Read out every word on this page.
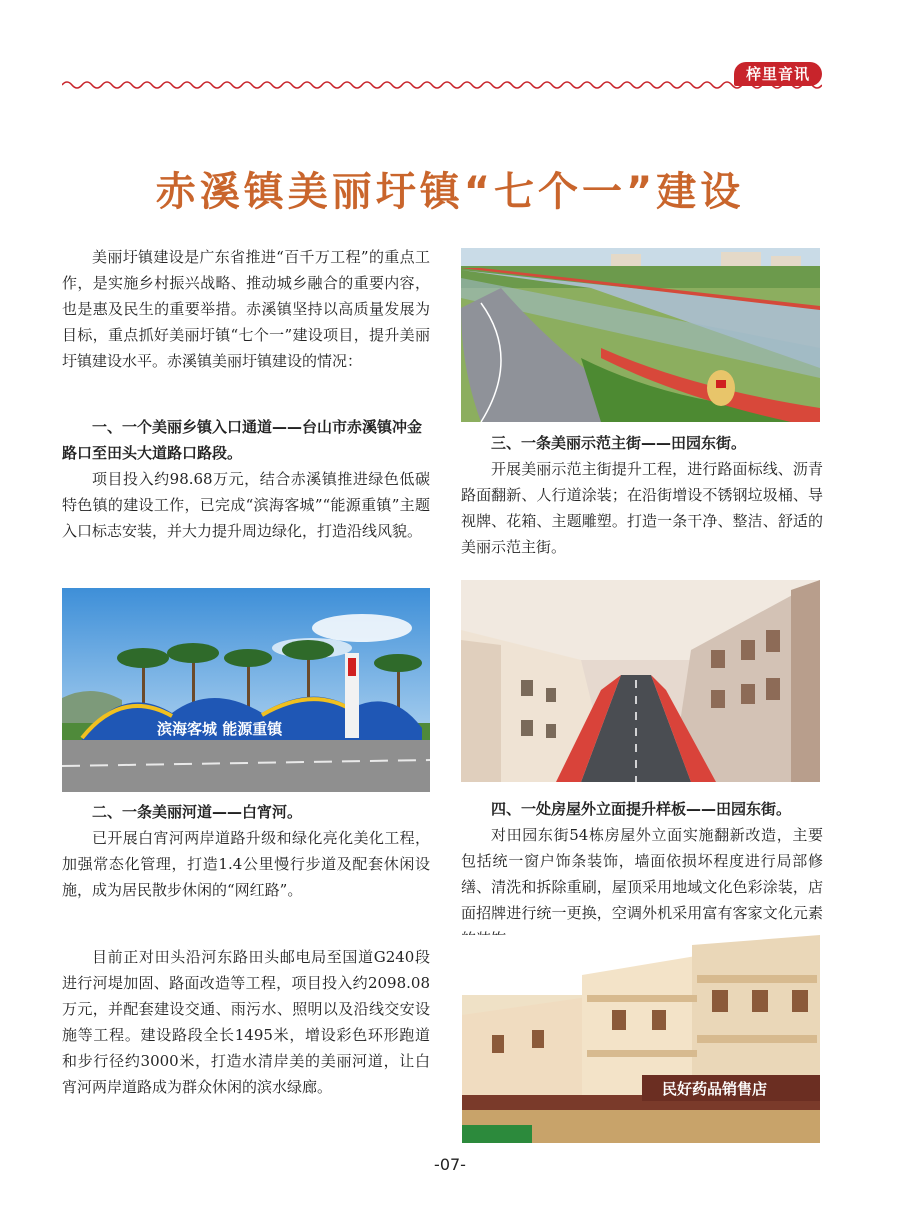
梓里音讯
赤溪镇美丽圩镇“七个一”建设

美丽圩镇建设是广东省推进“百千万工程”的重点工作，是实施乡村振兴战略、推动城乡融合的重要内容，也是惠及民生的重要举措。赤溪镇坚持以高质量发展为目标，重点抓好美丽圩镇“七个一”建设项目，提升美丽圩镇建设水平。赤溪镇美丽圩镇建设的情况：

一、一个美丽乡镇入口通道——台山市赤溪镇冲金路口至田头大道路口路段。

项目投入约98.68万元，结合赤溪镇推进绿色低碳特色镇的建设工作，已完成“滨海客城”“能源重镇”主题入口标志安装，并大力提升周边绿化，打造沿线风貌。

滨海客城 能源重镇

二、一条美丽河道——白宵河。

已开展白宵河两岸道路升级和绿化亮化美化工程，加强常态化管理，打造1.4公里慢行步道及配套休闲设施，成为居民散步休闲的“网红路”。

目前正对田头沿河东路田头邮电局至国道G240段进行河堤加固、路面改造等工程，项目投入约2098.08万元，并配套建设交通、雨污水、照明以及沿线交安设施等工程。建设路段全长1495米，增设彩色环形跑道和步行径约3000米，打造水清岸美的美丽河道，让白宵河两岸道路成为群众休闲的滨水绿廊。

三、一条美丽示范主街——田园东街。

开展美丽示范主街提升工程，进行路面标线、沥青路面翻新、人行道涂装；在沿街增设不锈钢垃圾桶、导视牌、花箱、主题雕塑。打造一条干净、整洁、舒适的美丽示范主街。

四、一处房屋外立面提升样板——田园东街。

对田园东街54栋房屋外立面实施翻新改造，主要包括统一窗户饰条装饰，墙面依损坏程度进行局部修缮、清洗和拆除重刷，屋顶采用地域文化色彩涂装，店面招牌进行统一更换，空调外机采用富有客家文化元素

民好药品销售店
-07-
